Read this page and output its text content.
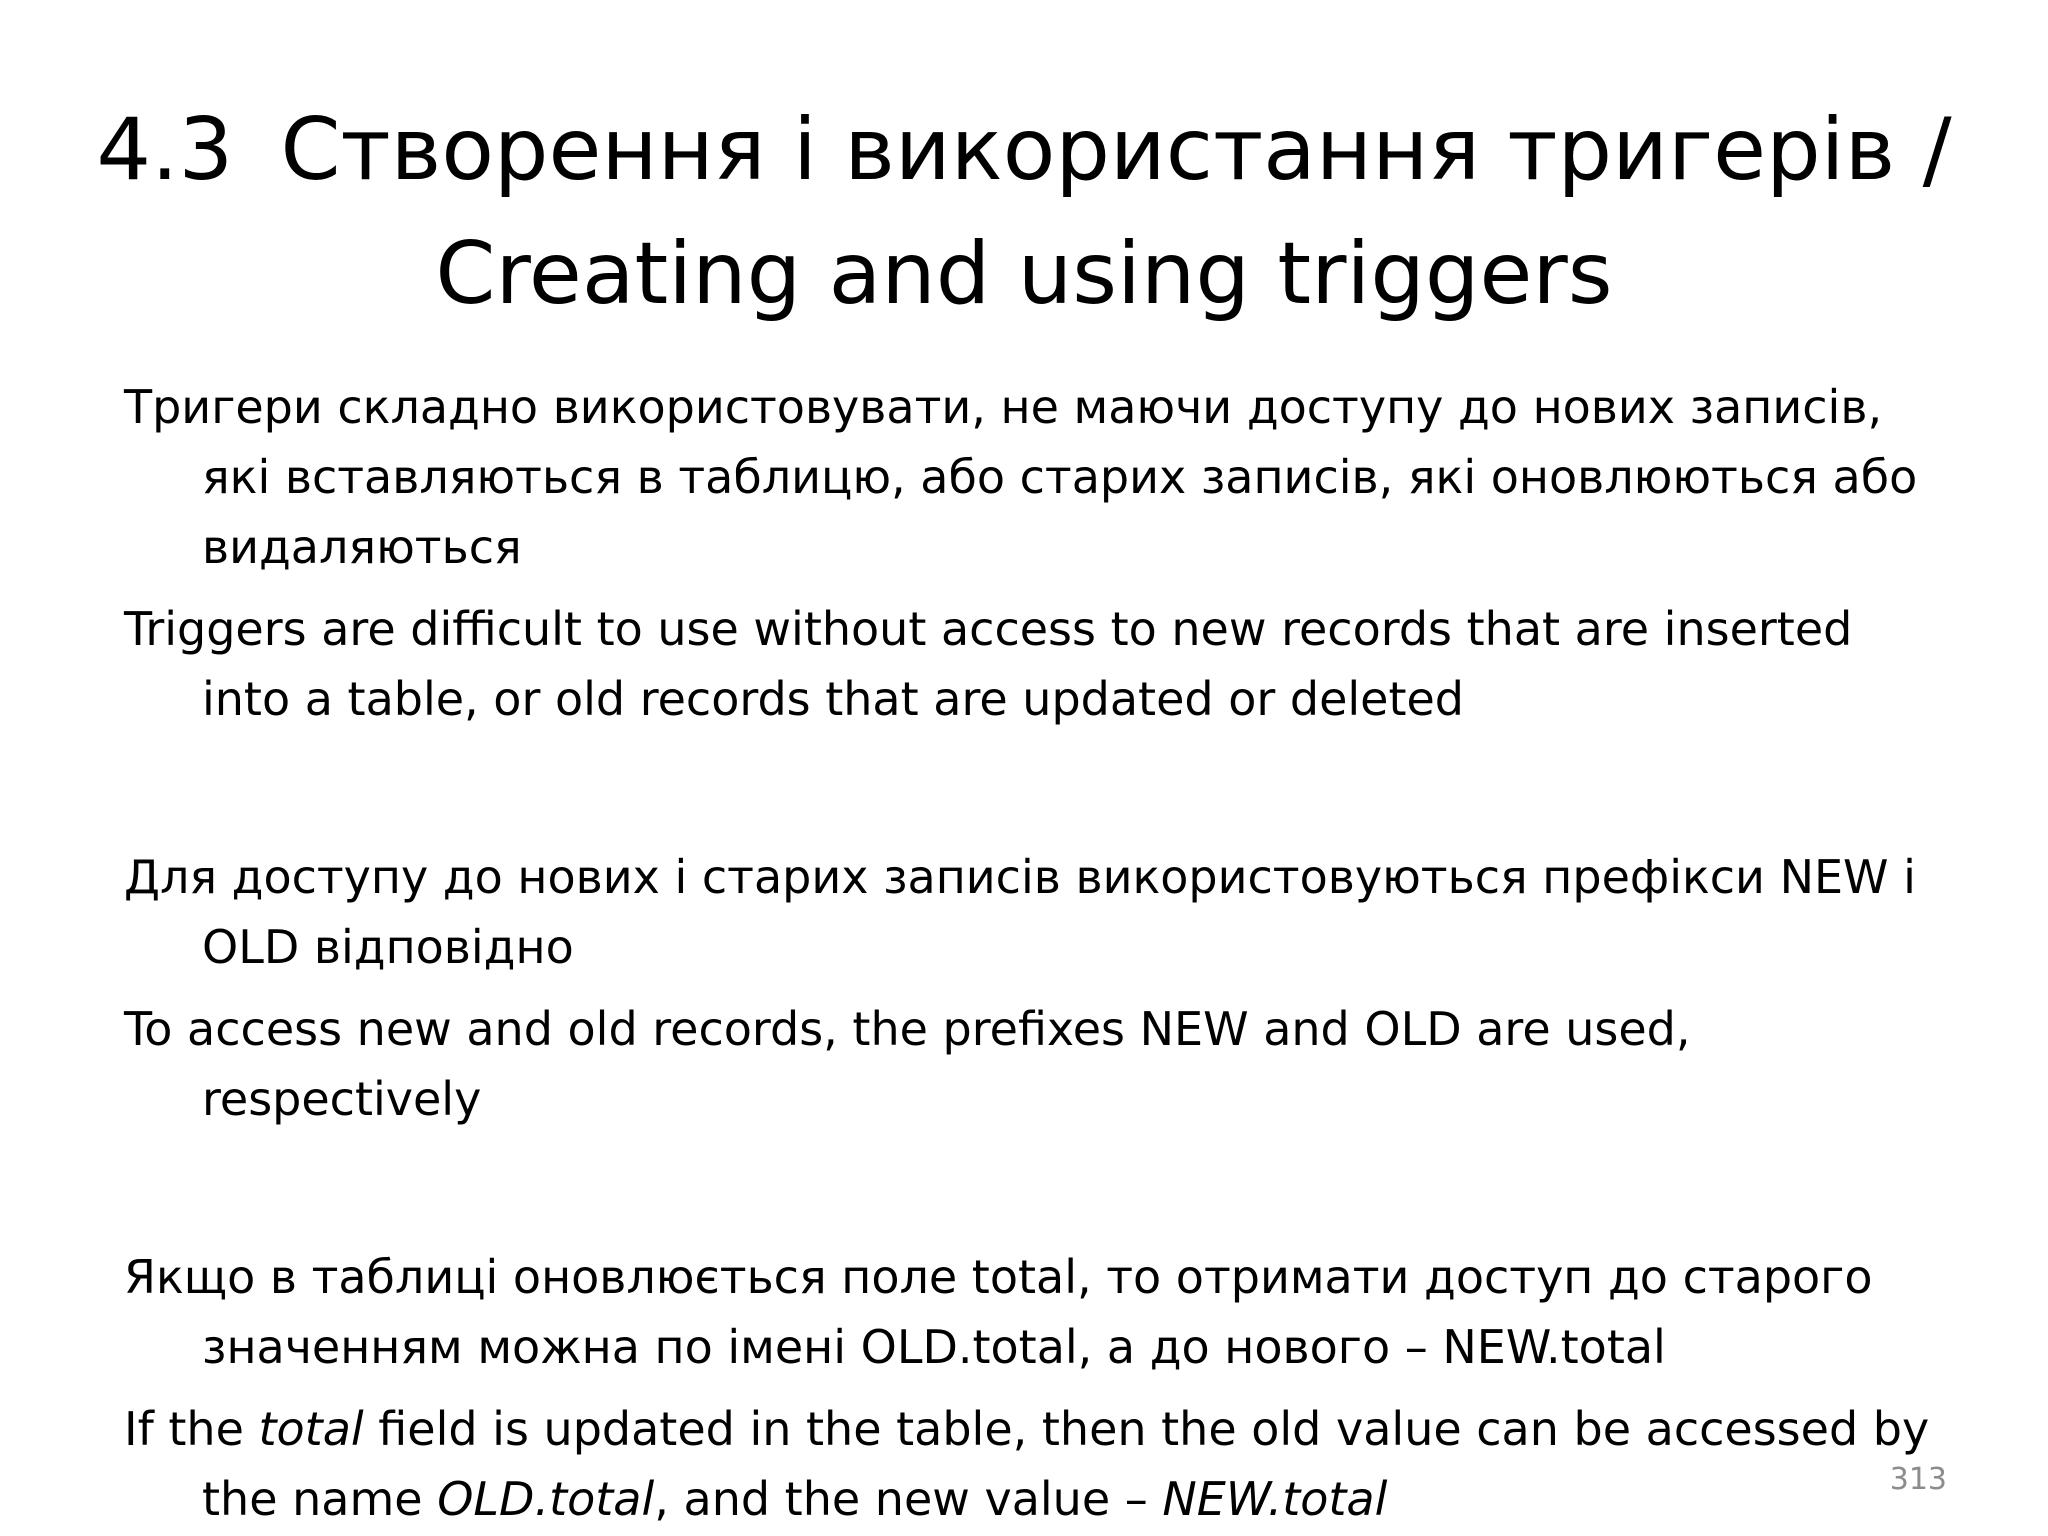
4.3 Створення і використання тригерів /
Creating and using triggers

Тригери складно використовувати, не маючи доступу до нових записів, які вставляються в таблицю, або старих записів, які оновлюються або видаляються

Triggers are difficult to use without access to new records that are inserted into a table, or old records that are updated or deleted

Для доступу до нових і старих записів використовуються префікси NEW і OLD відповідно

To access new and old records, the prefixes NEW and OLD are used, respectively

Якщо в таблиці оновлюється поле total, то отримати доступ до старого значенням можна по імені OLD.total, а до нового – NEW.total

If the total field is updated in the table, then the old value can be accessed by the name OLD.total, and the new value – NEW.total	313
